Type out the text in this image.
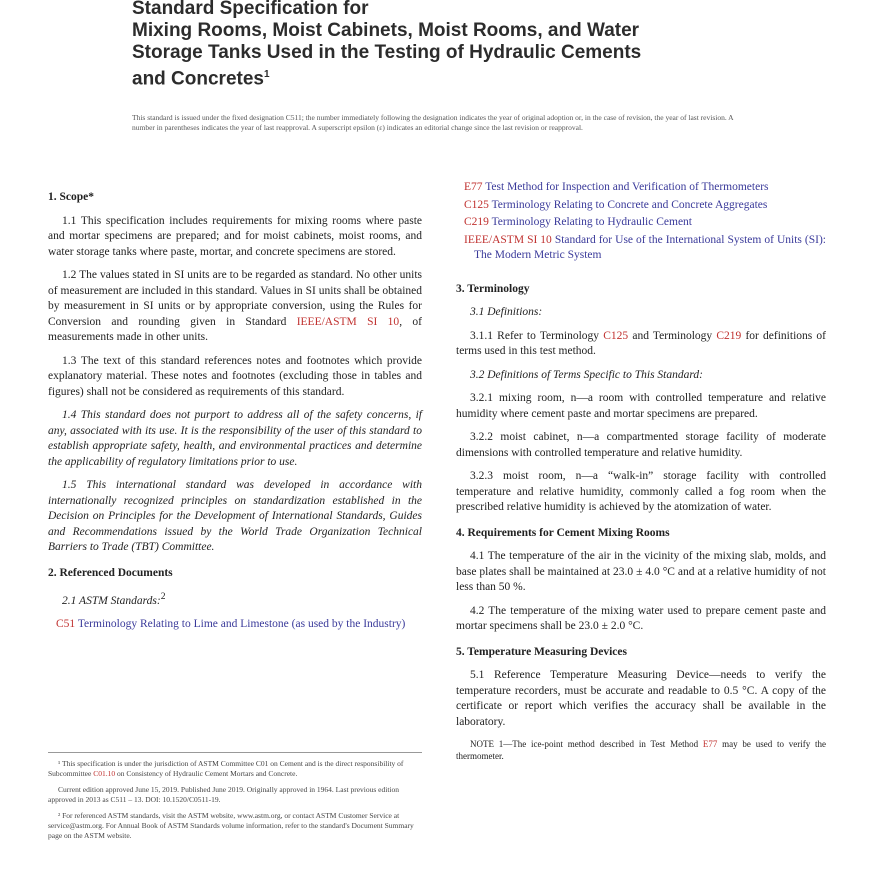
Standard Specification for
Mixing Rooms, Moist Cabinets, Moist Rooms, and Water
Storage Tanks Used in the Testing of Hydraulic Cements
and Concretes$^1$
This standard is issued under the fixed designation C511; the number immediately following the designation indicates the year of original adoption or, in the case of revision, the year of last revision. A number in parentheses indicates the year of last reapproval. A superscript epsilon (ε) indicates an editorial change since the last revision or reapproval.
1. Scope*

1.1 This specification includes requirements for mixing rooms where paste and mortar specimens are prepared; and for moist cabinets, moist rooms, and water storage tanks where paste, mortar, and concrete specimens are stored.

1.2 The values stated in SI units are to be regarded as standard. No other units of measurement are included in this standard. Values in SI units shall be obtained by measurement in SI units or by appropriate conversion, using the Rules for Conversion and rounding given in Standard IEEE/ASTM SI 10, of measurements made in other units.

1.3 The text of this standard references notes and footnotes which provide explanatory material. These notes and footnotes (excluding those in tables and figures) shall not be considered as requirements of this standard.

1.4 This standard does not purport to address all of the safety concerns, if any, associated with its use. It is the responsibility of the user of this standard to establish appropriate safety, health, and environmental practices and determine the applicability of regulatory limitations prior to use.

1.5 This international standard was developed in accordance with internationally recognized principles on standardization established in the Decision on Principles for the Development of International Standards, Guides and Recommendations issued by the World Trade Organization Technical Barriers to Trade (TBT) Committee.

2. Referenced Documents

2.1 ASTM Standards:$^2$

C51 Terminology Relating to Lime and Limestone (as used by the Industry)
E77 Test Method for Inspection and Verification of Thermometers
C125 Terminology Relating to Concrete and Concrete Aggregates
C219 Terminology Relating to Hydraulic Cement
IEEE/ASTM SI 10 Standard for Use of the International System of Units (SI): The Modern Metric System
3. Terminology

3.1 Definitions:

3.1.1 Refer to Terminology C125 and Terminology C219 for definitions of terms used in this test method.

3.2 Definitions of Terms Specific to This Standard:

3.2.1 mixing room, n—a room with controlled temperature and relative humidity where cement paste and mortar specimens are prepared.

3.2.2 moist cabinet, n—a compartmented storage facility of moderate dimensions with controlled temperature and relative humidity.

3.2.3 moist room, n—a “walk-in” storage facility with controlled temperature and relative humidity, commonly called a fog room when the prescribed relative humidity is achieved by the atomization of water.

4. Requirements for Cement Mixing Rooms

4.1 The temperature of the air in the vicinity of the mixing slab, molds, and base plates shall be maintained at 23.0 ± 4.0 °C and at a relative humidity of not less than 50 %.

4.2 The temperature of the mixing water used to prepare cement paste and mortar specimens shall be 23.0 ± 2.0 °C.

5. Temperature Measuring Devices

5.1 Reference Temperature Measuring Device—needs to verify the temperature recorders, must be accurate and readable to 0.5 °C. A copy of the certificate or report which verifies the accuracy shall be available in the laboratory.

NOTE 1—The ice-point method described in Test Method E77 may be used to verify the thermometer.

¹ This specification is under the jurisdiction of ASTM Committee C01 on Cement and is the direct responsibility of Subcommittee C01.10 on Consistency of Hydraulic Cement Mortars and Concrete.

Current edition approved June 15, 2019. Published June 2019. Originally approved in 1964. Last previous edition approved in 2013 as C511 – 13. DOI: 10.1520/C0511-19.

² For referenced ASTM standards, visit the ASTM website, www.astm.org, or contact ASTM Customer Service at service@astm.org. For Annual Book of ASTM Standards volume information, refer to the standard's Document Summary page on the ASTM website.
